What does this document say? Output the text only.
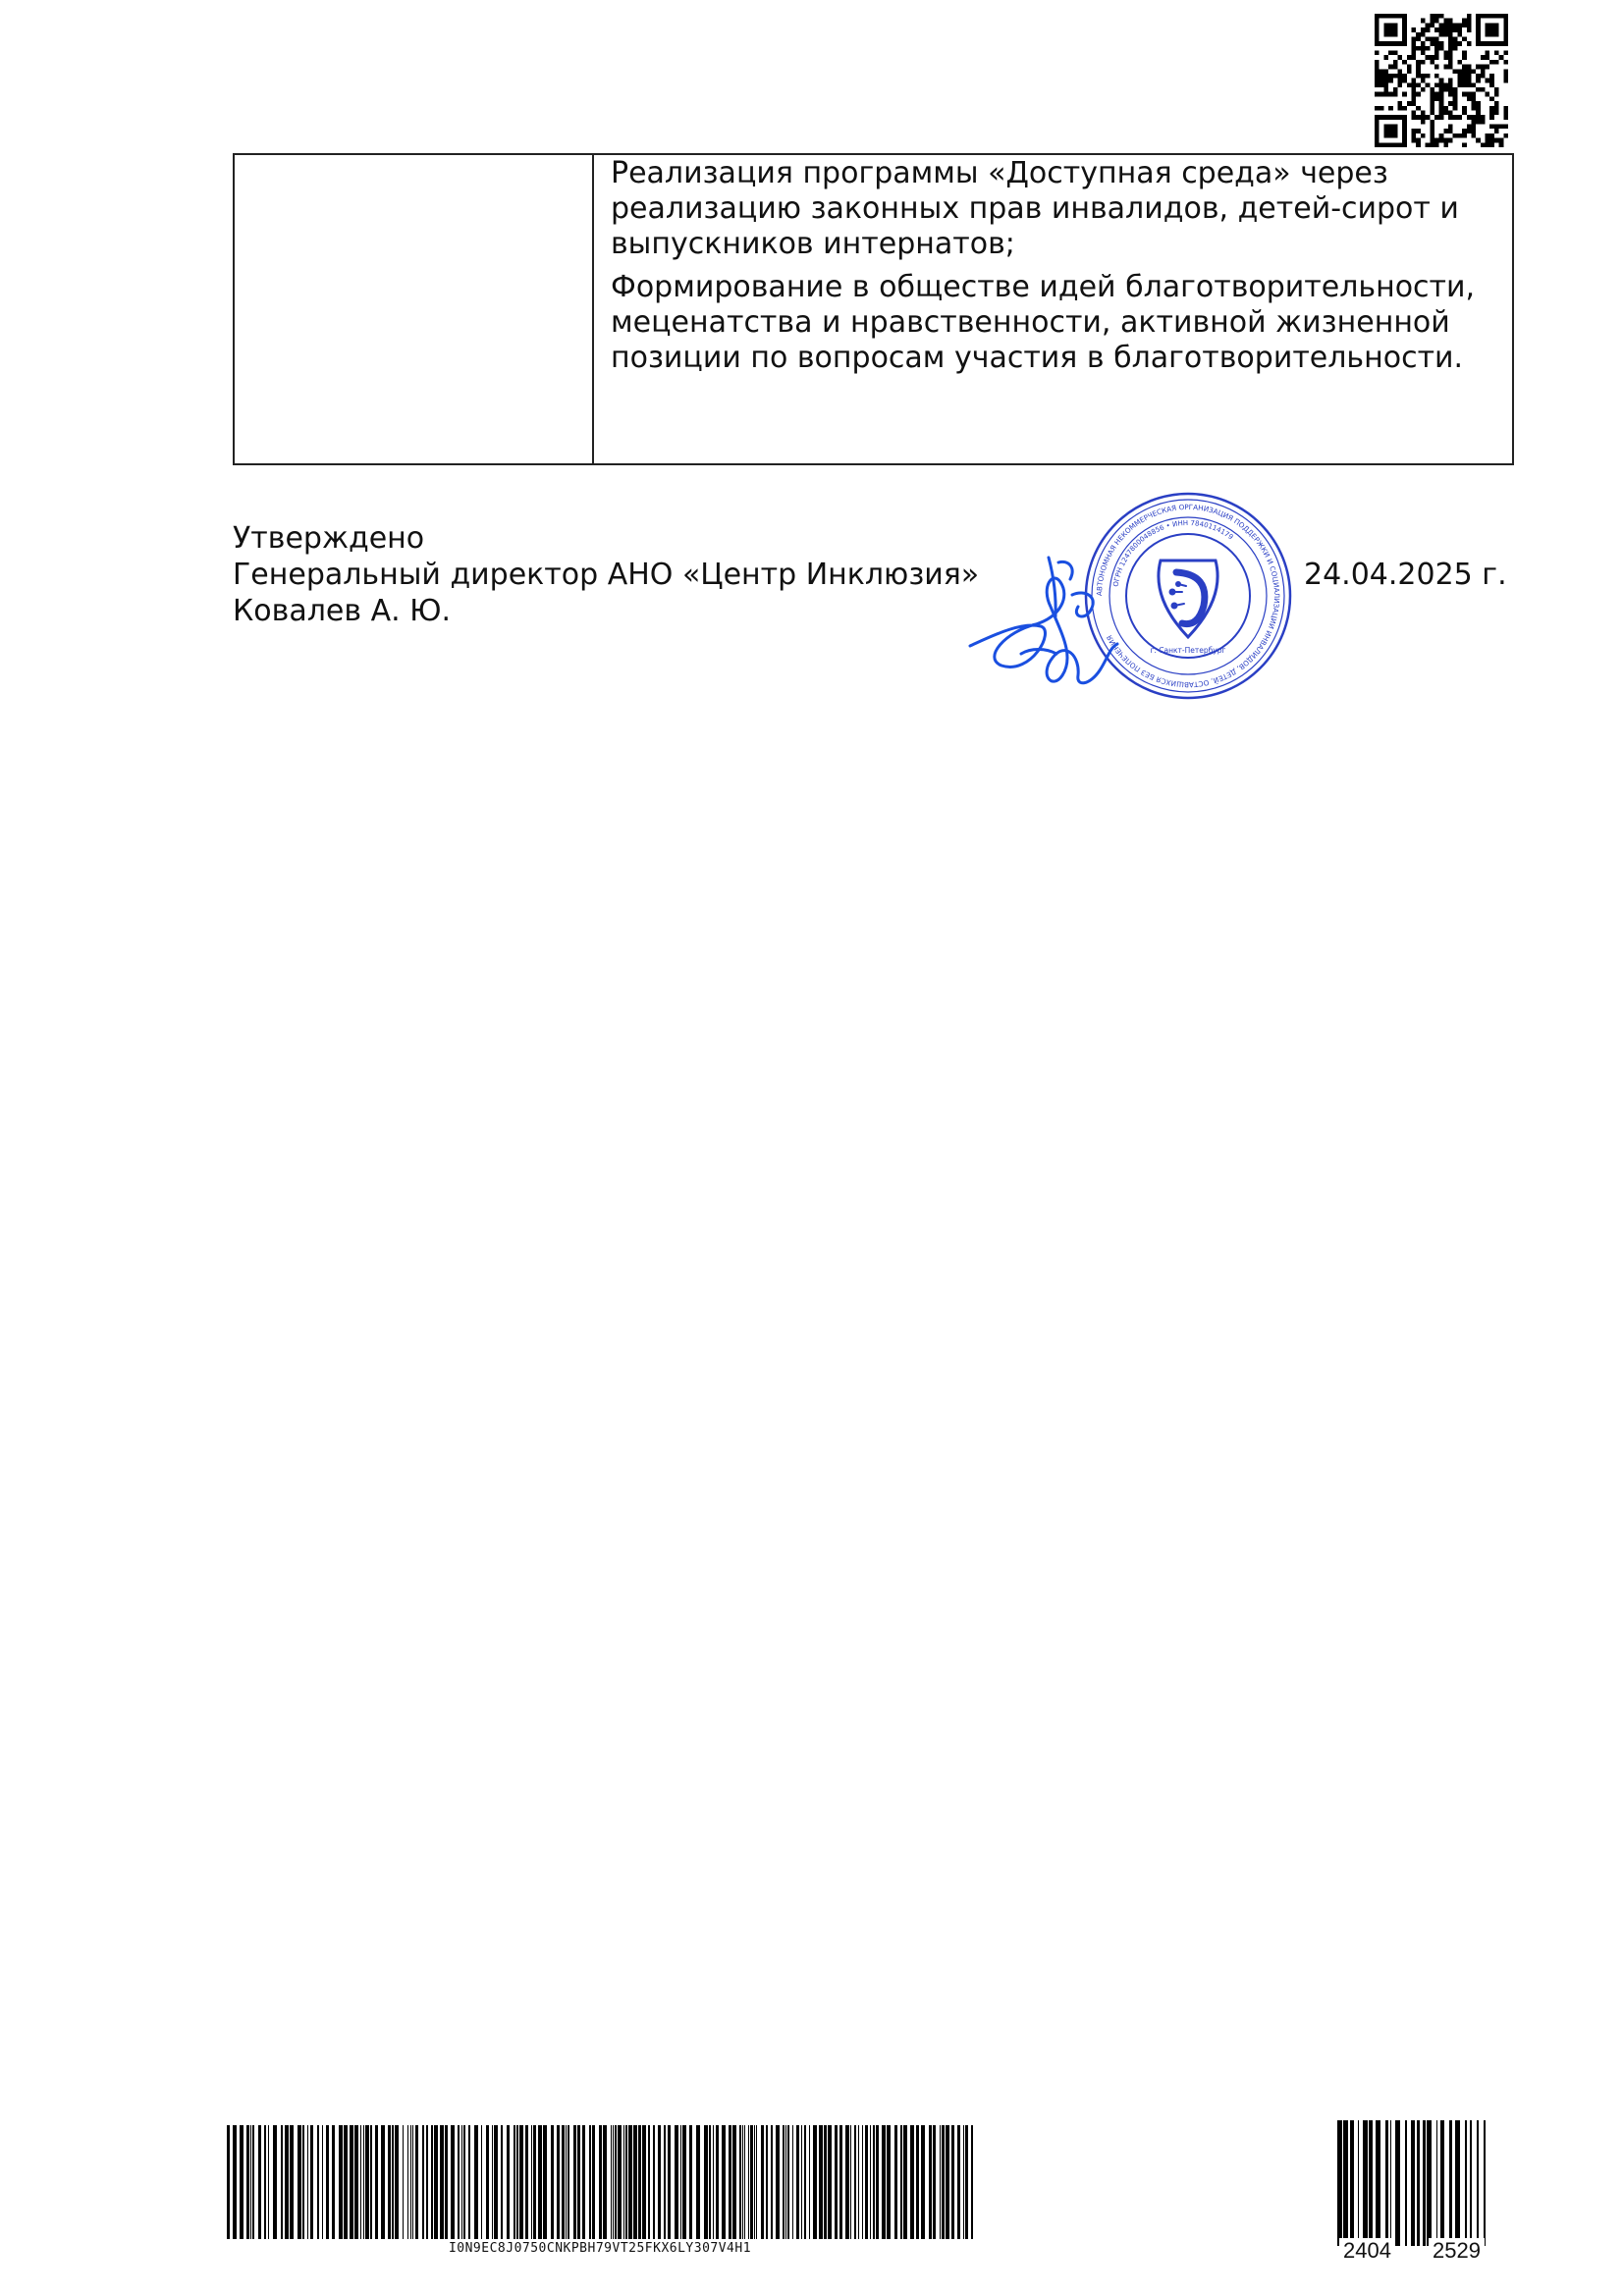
Реализация программы «Доступная среда» через реализацию законных прав инвалидов, детей-сирот и выпускников интернатов;

Формирование в обществе идей благотворительности, меценатства и нравственности, активной жизненной позиции по вопросам участия в благотворительности.

Утверждено
Генеральный директор АНО «Центр Инклюзия»	24.04.2025 г.
Ковалев А. Ю.
АВТОНОМНАЯ НЕКОММЕРЧЕСКАЯ ОРГАНИЗАЦИЯ ПОДДЕРЖКИ И СОЦИАЛИЗАЦИИ ИНВАЛИДОВ, ДЕТЕЙ, ОСТАВШИХСЯ БЕЗ ПОПЕЧЕНИЯ
ОГРН 1247800048856 • ИНН 7840114179
г. Санкт-Петербург
I0N9EC8J0750CNKPBH79VT25FKX6LY307V4H1	2404 2529
